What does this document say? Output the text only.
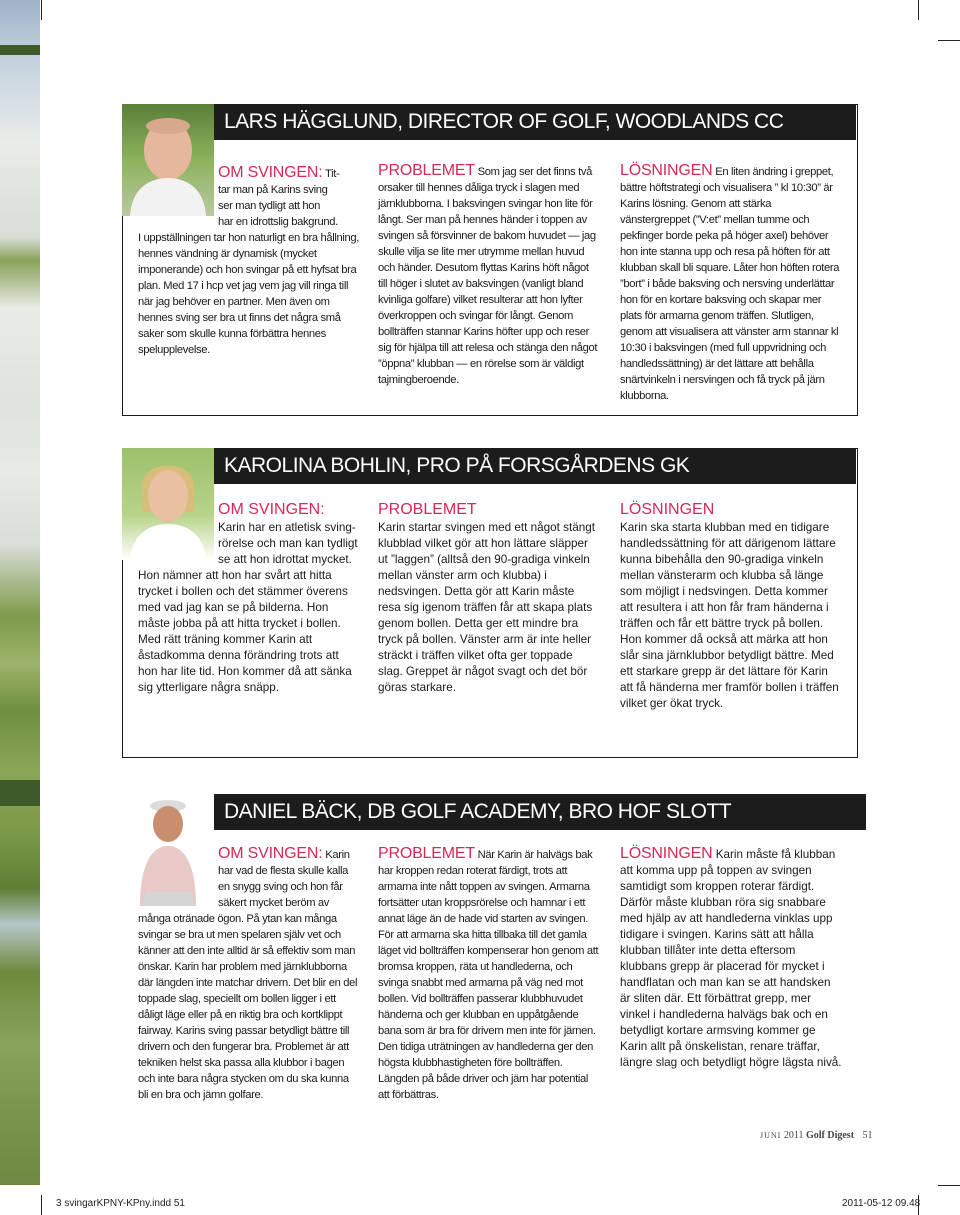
LARS HÄGGLUND, DIRECTOR OF GOLF, WOODLANDS CC
OM SVINGEN: Tit-
tar man på Karins sving
ser man tydligt att hon
har en idrottslig bakgrund.
I uppställningen tar hon naturligt en bra hållning, hennes vändning är dynamisk (mycket imponerande) och hon svingar på ett hyfsat bra plan. Med 17 i hcp vet jag vem jag vill ringa till när jag behöver en partner. Men även om hennes sving ser bra ut finns det några små saker som skulle kunna förbättra hennes spelupplevelse.
PROBLEMET Som jag ser det finns två orsaker till hennes dåliga tryck i slagen med järnklubborna. I baksvingen svingar hon lite för långt. Ser man på hennes händer i toppen av svingen så försvinner de bakom huvudet — jag skulle vilja se lite mer utrymme mellan huvud och händer. Desutom flyttas Karins höft något till höger i slutet av baksvingen (vanligt bland kvinliga golfare) vilket resulterar att hon lyfter överkroppen och svingar för långt. Genom bollträffen stannar Karins höfter upp och reser sig för hjälpa till att relesa och stänga den något ”öppna” klubban — en rörelse som är väldigt tajmingberoende.
LÖSNINGEN En liten ändring i greppet, bättre höftstrategi och visualisera ” kl 10:30” är Karins lösning. Genom att stärka vänstergreppet (”V:et” mellan tumme och pekfinger borde peka på höger axel) behöver hon inte stanna upp och resa på höften för att klubban skall bli square. Låter hon höften rotera ”bort” i både baksving och nersving underlättar hon för en kortare baksving och skapar mer plats för armarna genom träffen. Slutligen, genom att visualisera att vänster arm stannar kl 10:30 i baksvingen (med full uppvridning och handledssättning) är det lättare att behålla snärtvinkeln i nersvingen och få tryck på järn klubborna.
KAROLINA BOHLIN, PRO PÅ FORSGÅRDENS GK
OM SVINGEN:
Karin har en atletisk sving-
rörelse och man kan tydligt
se att hon idrottat mycket.
Hon nämner att hon har svårt att hitta trycket i bollen och det stämmer överens med vad jag kan se på bilderna. Hon måste jobba på att hitta trycket i bollen. Med rätt träning kommer Karin att åstadkomma denna förändring trots att hon har lite tid. Hon kommer då att sänka sig ytterligare några snäpp.
PROBLEMET
Karin startar svingen med ett något stängt klubblad vilket gör att hon lättare släpper ut ”laggen” (alltså den 90-gradiga vinkeln mellan vänster arm och klubba) i nedsvingen. Detta gör att Karin måste resa sig igenom träffen får att skapa plats genom bollen. Detta ger ett mindre bra tryck på bollen. Vänster arm är inte heller sträckt i träffen vilket ofta ger toppade slag. Greppet är något svagt och det bör göras starkare.
LÖSNINGEN
Karin ska starta klubban med en tidigare handledssättning för att därigenom lättare kunna bibehålla den 90-gradiga vinkeln mellan vänsterarm och klubba så länge som möjligt i nedsvingen. Detta kommer att resultera i att hon får fram händerna i träffen och får ett bättre tryck på bollen. Hon kommer då också att märka att hon slår sina järnklubbor betydligt bättre. Med ett starkare grepp är det lättare för Karin att få händerna mer framför bollen i träffen vilket ger ökat tryck.
DANIEL BÄCK, DB GOLF ACADEMY, BRO HOF SLOTT
OM SVINGEN: Karin
har vad de flesta skulle kalla
en snygg sving och hon får
säkert mycket beröm av
många otränade ögon. På ytan kan många svingar se bra ut men spelaren själv vet och känner att den inte alltid är så effektiv som man önskar. Karin har problem med järnklubborna där längden inte matchar drivern. Det blir en del toppade slag, speciellt om bollen ligger i ett dåligt läge eller på en riktig bra och kortklippt fairway. Karins sving passar betydligt bättre till drivern och den fungerar bra. Problemet är att tekniken helst ska passa alla klubbor i bagen och inte bara några stycken om du ska kunna bli en bra och jämn golfare.
PROBLEMET När Karin är halvägs bak har kroppen redan roterat färdigt, trots att armarna inte nått toppen av svingen. Armarna fortsätter utan kroppsrörelse och hamnar i ett annat läge än de hade vid starten av svingen. För att armarna ska hitta tillbaka till det gamla läget vid bollträffen kompenserar hon genom att bromsa kroppen, räta ut handlederna, och svinga snabbt med armarna på väg ned mot bollen. Vid bollträffen passerar klubbhuvudet händerna och ger klubban en uppåtgående bana som är bra för drivern men inte för järnen. Den tidiga uträtningen av handlederna ger den högsta klubbhastigheten före bollträffen. Längden på både driver och järn har potential att förbättras.
LÖSNINGEN Karin måste få klubban att komma upp på toppen av svingen samtidigt som kroppen roterar färdigt. Därför måste klubban röra sig snabbare med hjälp av att handlederna vinklas upp tidigare i svingen. Karins sätt att hålla klubban tillåter inte detta eftersom klubbans grepp är placerad för mycket i handflatan och man kan se att handsken är sliten där. Ett förbättrat grepp, mer vinkel i handlederna halvägs bak och en betydligt kortare armsving kommer ge Karin allt på önskelistan, renare träffar, längre slag och betydligt högre lägsta nivå.
JUNI 2011 Golf Digest 51
3 svingarKPNY-KPny.indd 51	2011-05-12 09.48
